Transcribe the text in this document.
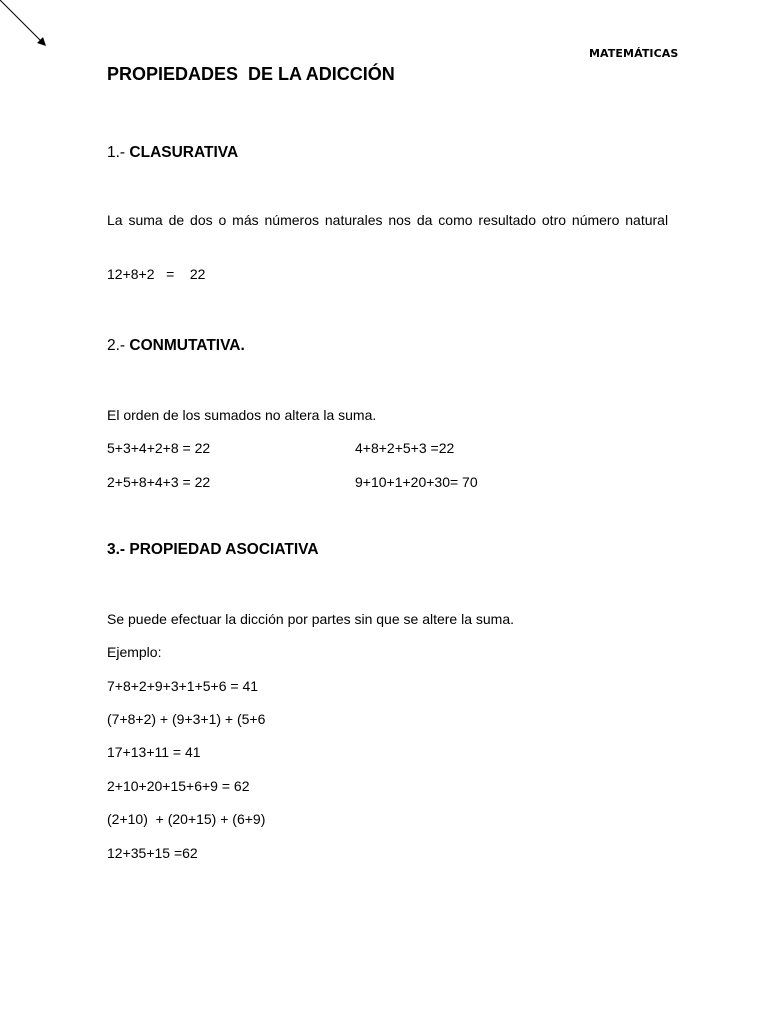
MATEMÁTICAS
PROPIEDADES  DE LA ADICCIÓN
1.- CLASURATIVA
La suma de dos o más números naturales nos da como resultado otro número natural
12+8+2   =    22
2.- CONMUTATIVA.
El orden de los sumados no altera la suma.
5+3+4+2+8 = 22	4+8+2+5+3 =22
2+5+8+4+3 = 22	9+10+1+20+30= 70
3.- PROPIEDAD ASOCIATIVA
Se puede efectuar la dicción por partes sin que se altere la suma.
Ejemplo:
7+8+2+9+3+1+5+6 = 41
(7+8+2) + (9+3+1) + (5+6
17+13+11 = 41
2+10+20+15+6+9 = 62
(2+10)  + (20+15) + (6+9)
12+35+15 =62
